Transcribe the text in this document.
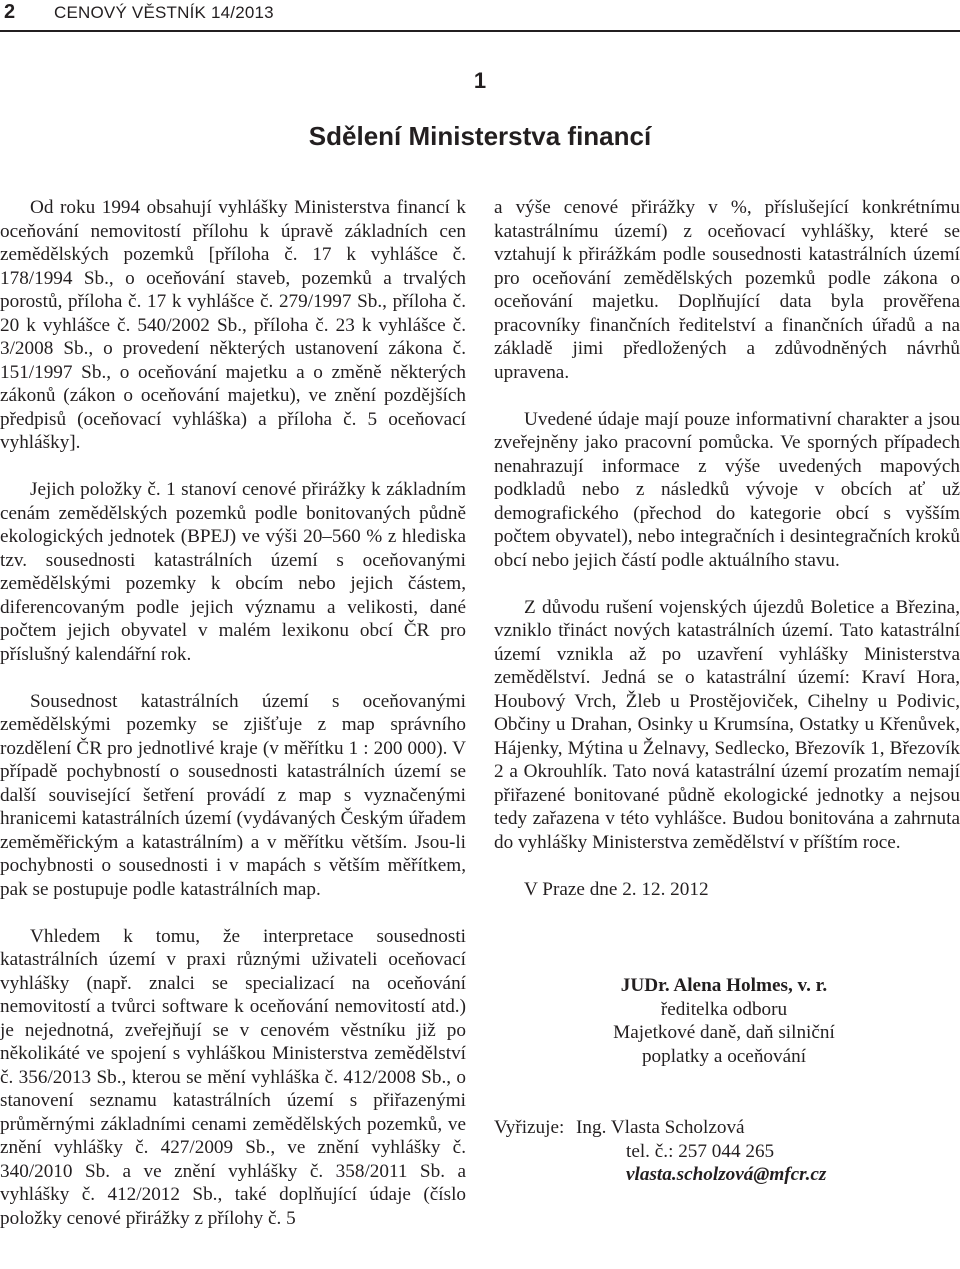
2 CENOVÝ VĚSTNÍK 14/2013
1
Sdělení Ministerstva financí

Od roku 1994 obsahují vyhlášky Ministerstva financí k oceňování nemovitostí přílohu k úpravě základních cen zemědělských pozemků [příloha č. 17 k vyhlášce č. 178/1994 Sb., o oceňování staveb, pozemků a trvalých porostů, příloha č. 17 k vyhlášce č. 279/1997 Sb., příloha č. 20 k vyhlášce č. 540/2002 Sb., příloha č. 23 k vyhlášce č. 3/2008 Sb., o provedení některých ustanovení zákona č. 151/1997 Sb., o oceňování majetku a o změně některých zákonů (zákon o oceňování majetku), ve znění pozdějších předpisů (oceňovací vyhláška) a příloha č. 5 oceňovací vyhlášky].

Jejich položky č. 1 stanoví cenové přirážky k základním cenám zemědělských pozemků podle bonitovaných půdně ekologických jednotek (BPEJ) ve výši 20–560 % z hlediska tzv. sousednosti katastrálních území s oceňovanými zemědělskými pozemky k obcím nebo jejich částem, diferencovaným podle jejich významu a velikosti, dané počtem jejich obyvatel v malém lexikonu obcí ČR pro příslušný kalendářní rok.

Sousednost katastrálních území s oceňovanými zemědělskými pozemky se zjišťuje z map správního rozdělení ČR pro jednotlivé kraje (v měřítku 1 : 200 000). V případě pochybností o sousednosti katastrálních území se další související šetření provádí z map s vyznačenými hranicemi katastrálních území (vydávaných Českým úřadem zeměměřickým a katastrálním) a v měřítku větším. Jsou-li pochybnosti o sousednosti i v mapách s větším měřítkem, pak se postupuje podle katastrálních map.

Vhledem k tomu, že interpretace sousednosti katastrálních území v praxi různými uživateli oceňovací vyhlášky (např. znalci se specializací na oceňování nemovitostí a tvůrci software k oceňování nemovitostí atd.) je nejednotná, zveřejňují se v cenovém věstníku již po několikáté ve spojení s vyhláškou Ministerstva zemědělství č. 356/2013 Sb., kterou se mění vyhláška č. 412/2008 Sb., o stanovení seznamu katastrálních území s přiřazenými průměrnými základními cenami zemědělských pozemků, ve znění vyhlášky č. 427/2009 Sb., ve znění vyhlášky č. 340/2010 Sb. a ve znění vyhlášky č. 358/2011 Sb. a vyhlášky č. 412/2012 Sb., také doplňující údaje (číslo položky cenové přirážky z přílohy č. 5

a výše cenové přirážky v %, příslušející konkrétnímu katastrálnímu území) z oceňovací vyhlášky, které se vztahují k přirážkám podle sousednosti katastrálních území pro oceňování zemědělských pozemků podle zákona o oceňování majetku. Doplňující data byla prověřena pracovníky finančních ředitelství a finančních úřadů a na základě jimi předložených a zdůvodněných návrhů upravena.

Uvedené údaje mají pouze informativní charakter a jsou zveřejněny jako pracovní pomůcka. Ve sporných případech nenahrazují informace z výše uvedených mapových podkladů nebo z následků vývoje v obcích ať už demografického (přechod do kategorie obcí s vyšším počtem obyvatel), nebo integračních i desintegračních kroků obcí nebo jejich částí podle aktuálního stavu.

Z důvodu rušení vojenských újezdů Boletice a Březina, vzniklo třináct nových katastrálních území. Tato katastrální území vznikla až po uzavření vyhlášky Ministerstva zemědělství. Jedná se o katastrální území: Kraví Hora, Houbový Vrch, Žleb u Prostějoviček, Cihelny u Podivic, Občiny u Drahan, Osinky u Krumsína, Ostatky u Křenůvek, Hájenky, Mýtina u Želnavy, Sedlecko, Březovík 1, Březovík 2 a Okrouhlík. Tato nová katastrální území prozatím nemají přiřazené bonitované půdně ekologické jednotky a nejsou tedy zařazena v této vyhlášce. Budou bonitována a zahrnuta do vyhlášky Ministerstva zemědělství v příštím roce.

V Praze dne 2. 12. 2012

JUDr. Alena Holmes, v. r.
ředitelka odboru
Majetkové daně, daň silniční
poplatky a oceňování
Vyřizuje: Ing. Vlasta Scholzová
tel. č.: 257 044 265
vlasta.scholzová@mfcr.cz
